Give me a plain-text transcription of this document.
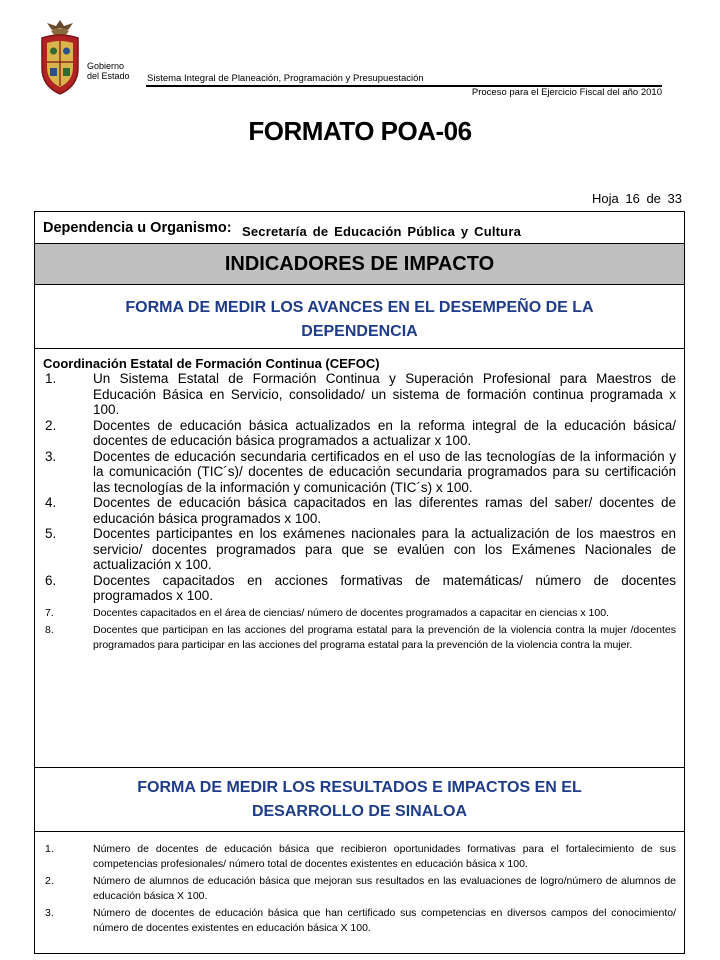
Gobierno
del Estado Sistema Integral de Planeación, Programación y Presupuestación
Proceso para el Ejercicio Fiscal del año 2010
FORMATO POA-06
Hoja 16 de 33
Dependencia u Organismo: $_{Secretaría de Educación Pública y Cultura}$
INDICADORES DE IMPACTO
FORMA DE MEDIR LOS AVANCES EN EL DESEMPEÑO DE LA
DEPENDENCIA
Coordinación Estatal de Formación Continua (CEFOC)
1.	Un Sistema Estatal de Formación Continua y Superación Profesional para Maestros de Educación Básica en Servicio, consolidado/ un sistema de formación continua programada x 100.
2.	Docentes de educación básica actualizados en la reforma integral de la educación básica/ docentes de educación básica programados a actualizar x 100.
3.	Docentes de educación secundaria certificados en el uso de las tecnologías de la información y la comunicación (TIC´s)/ docentes de educación secundaria programados para su certificación las tecnologías de la información y comunicación (TIC´s) x 100.
4.	Docentes de educación básica capacitados en las diferentes ramas del saber/ docentes de educación básica programados x 100.
5.	Docentes participantes en los exámenes nacionales para la actualización de los maestros en servicio/ docentes programados para que se evalúen con los Exámenes Nacionales de actualización x 100.
6.	Docentes capacitados en acciones formativas de matemáticas/ número de docentes programados x 100.
7.	Docentes capacitados en el área de ciencias/ número de docentes programados a capacitar en ciencias x 100.
8.	Docentes que participan en las acciones del programa estatal para la prevención de la violencia contra la mujer /docentes programados para participar en las acciones del programa estatal para la prevención de la violencia contra la mujer.
FORMA DE MEDIR LOS RESULTADOS E IMPACTOS EN EL
DESARROLLO DE SINALOA
1.	Número de docentes de educación básica que recibieron oportunidades formativas para el fortalecimiento de sus competencias profesionales/ número total de docentes existentes en educación básica x 100.
2.	Número de alumnos de educación básica que mejoran sus resultados en las evaluaciones de logro/número de alumnos de educación básica X 100.
3.	Número de docentes de educación básica que han certificado sus competencias en diversos campos del conocimiento/ número de docentes existentes en educación básica X 100.
